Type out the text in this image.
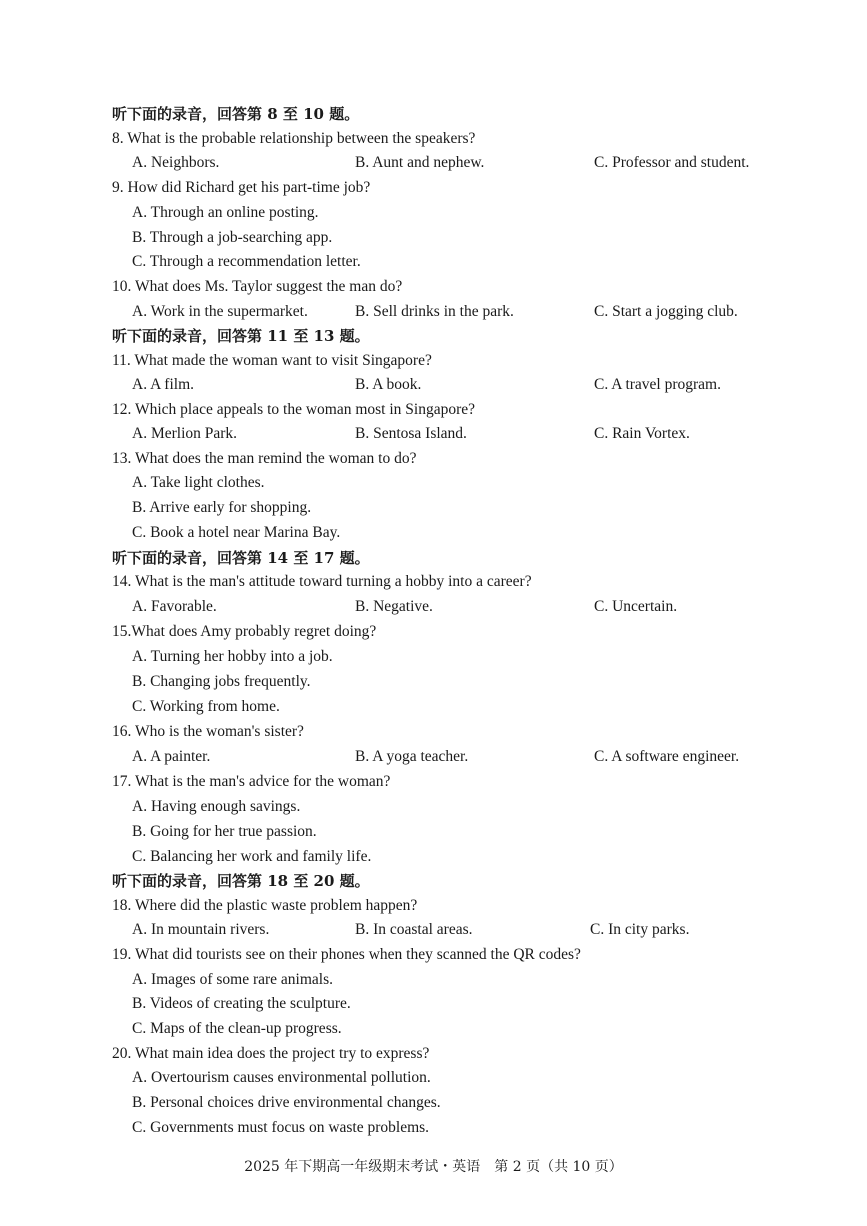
听下面的录音，回答第 8 至 10 题。
8. What is the probable relationship between the speakers?
A. Neighbors.	B. Aunt and nephew.	C. Professor and student.
9. How did Richard get his part-time job?
A. Through an online posting.
B. Through a job-searching app.
C. Through a recommendation letter.
10. What does Ms. Taylor suggest the man do?
A. Work in the supermarket.	B. Sell drinks in the park.	C. Start a jogging club.
听下面的录音，回答第 11 至 13 题。
11. What made the woman want to visit Singapore?
A. A film.	B. A book.	C. A travel program.
12. Which place appeals to the woman most in Singapore?
A. Merlion Park.	B. Sentosa Island.	C. Rain Vortex.
13. What does the man remind the woman to do?
A. Take light clothes.
B. Arrive early for shopping.
C. Book a hotel near Marina Bay.
听下面的录音，回答第 14 至 17 题。
14. What is the man's attitude toward turning a hobby into a career?
A. Favorable.	B. Negative.	C. Uncertain.
15.What does Amy probably regret doing?
A. Turning her hobby into a job.
B. Changing jobs frequently.
C. Working from home.
16. Who is the woman's sister?
A. A painter.	B. A yoga teacher.	C. A software engineer.
17. What is the man's advice for the woman?
A. Having enough savings.
B. Going for her true passion.
C. Balancing her work and family life.
听下面的录音，回答第 18 至 20 题。
18. Where did the plastic waste problem happen?
A. In mountain rivers.	B. In coastal areas.	C. In city parks.
19. What did tourists see on their phones when they scanned the QR codes?
A. Images of some rare animals.
B. Videos of creating the sculpture.
C. Maps of the clean-up progress.
20. What main idea does the project try to express?
A. Overtourism causes environmental pollution.
B. Personal choices drive environmental changes.
C. Governments must focus on waste problems.
2025 年下期高一年级期末考试・英语　第 2 页（共 10 页）
